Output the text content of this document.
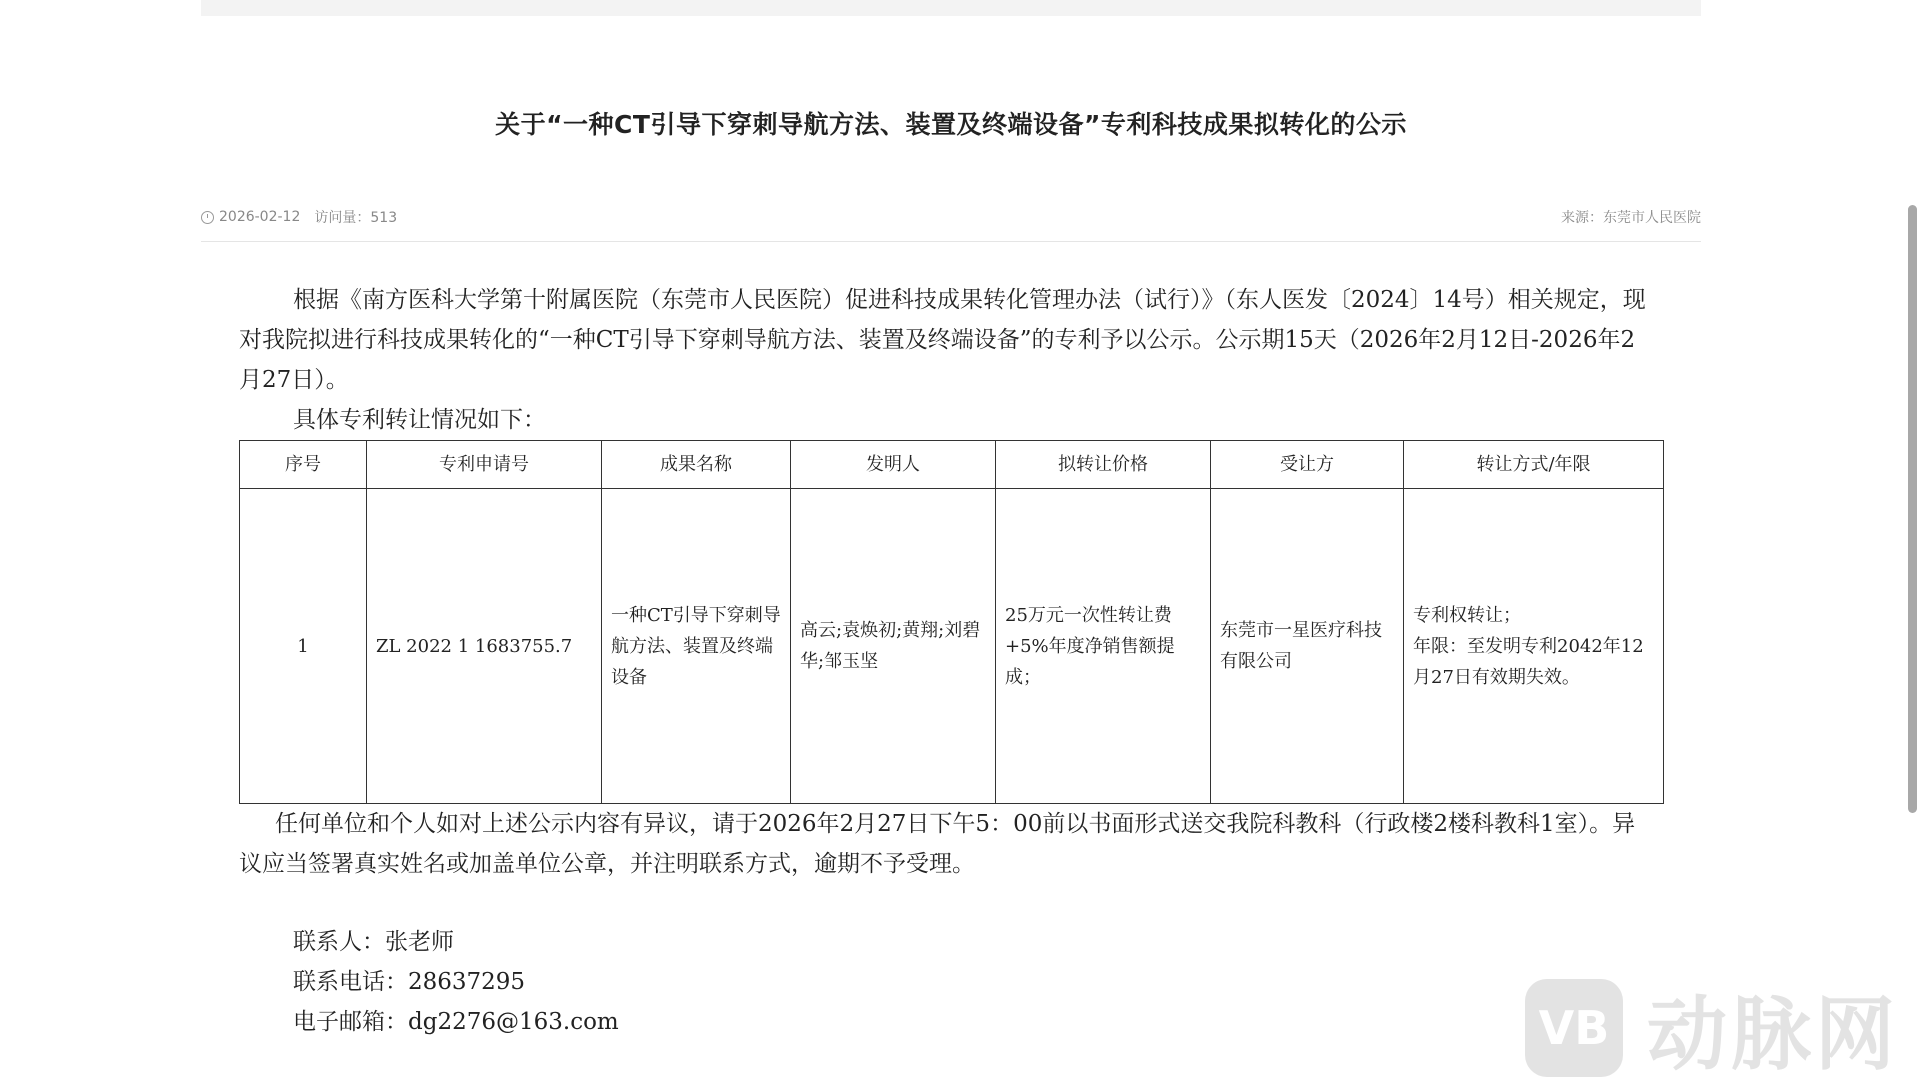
关于“一种CT引导下穿刺导航方法、装置及终端设备”专利科技成果拟转化的公示
2026-02-12 访问量：513	来源：东莞市人民医院

根据《南方医科大学第十附属医院（东莞市人民医院）促进科技成果转化管理办法（试行）》（东人医发〔2024〕14号）相关规定，现对我院拟进行科技成果转化的“一种CT引导下穿刺导航方法、装置及终端设备”的专利予以公示。公示期15天（2026年2月12日-2026年2月27日）。

具体专利转让情况如下：

序号	专利申请号	成果名称	发明人	拟转让价格	受让方	转让方式/年限
1	ZL 2022 1 1683755.7	一种CT引导下穿刺导航方法、装置及终端设备	高云;袁焕初;黄翔;刘碧华;邹玉坚	25万元一次性转让费+5%年度净销售额提成；	东莞市一星医疗科技有限公司	专利权转让；
年限：至发明专利2042年12月27日有效期失效。

任何单位和个人如对上述公示内容有异议，请于2026年2月27日下午5：00前以书面形式送交我院科教科（行政楼2楼科教科1室）。异议应当签署真实姓名或加盖单位公章，并注明联系方式，逾期不予受理。

联系人：张老师

联系电话：28637295

电子邮箱：dg2276@163.com	VB 动脉网
